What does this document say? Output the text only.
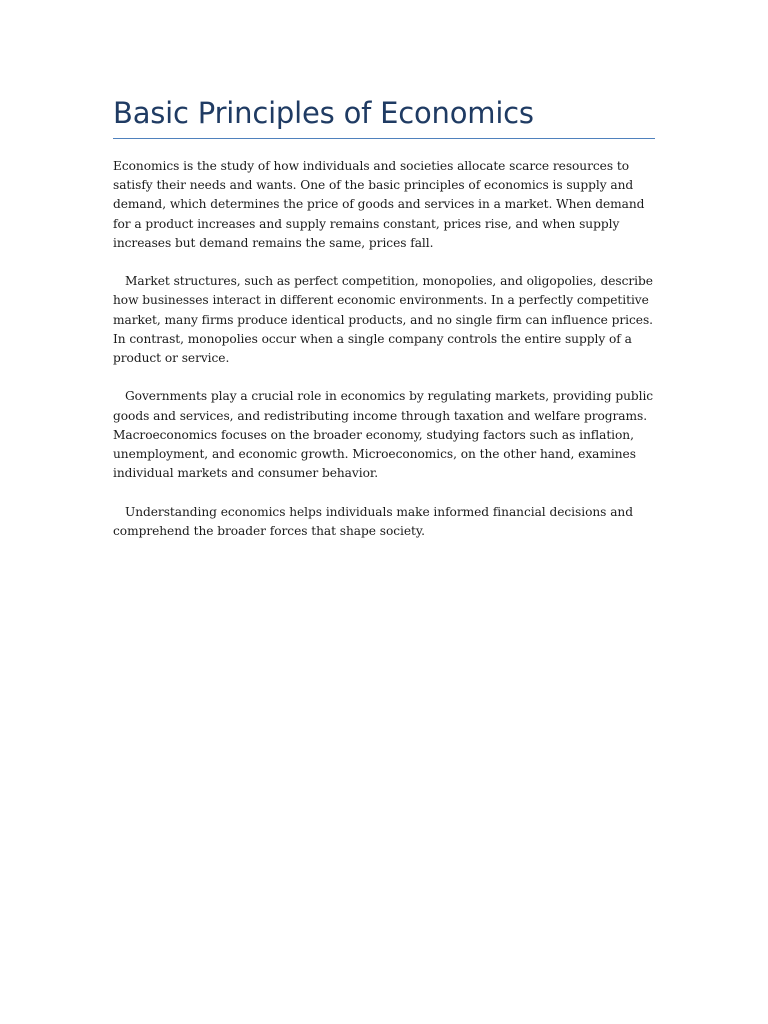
Basic Principles of Economics

Economics is the study of how individuals and societies allocate scarce resources to satisfy their needs and wants. One of the basic principles of economics is supply and demand, which determines the price of goods and services in a market. When demand for a product increases and supply remains constant, prices rise, and when supply increases but demand remains the same, prices fall.

Market structures, such as perfect competition, monopolies, and oligopolies, describe how businesses interact in different economic environments. In a perfectly competitive market, many firms produce identical products, and no single firm can influence prices. In contrast, monopolies occur when a single company controls the entire supply of a product or service.

Governments play a crucial role in economics by regulating markets, providing public goods and services, and redistributing income through taxation and welfare programs. Macroeconomics focuses on the broader economy, studying factors such as inflation, unemployment, and economic growth. Microeconomics, on the other hand, examines individual markets and consumer behavior.

Understanding economics helps individuals make informed financial decisions and comprehend the broader forces that shape society.
